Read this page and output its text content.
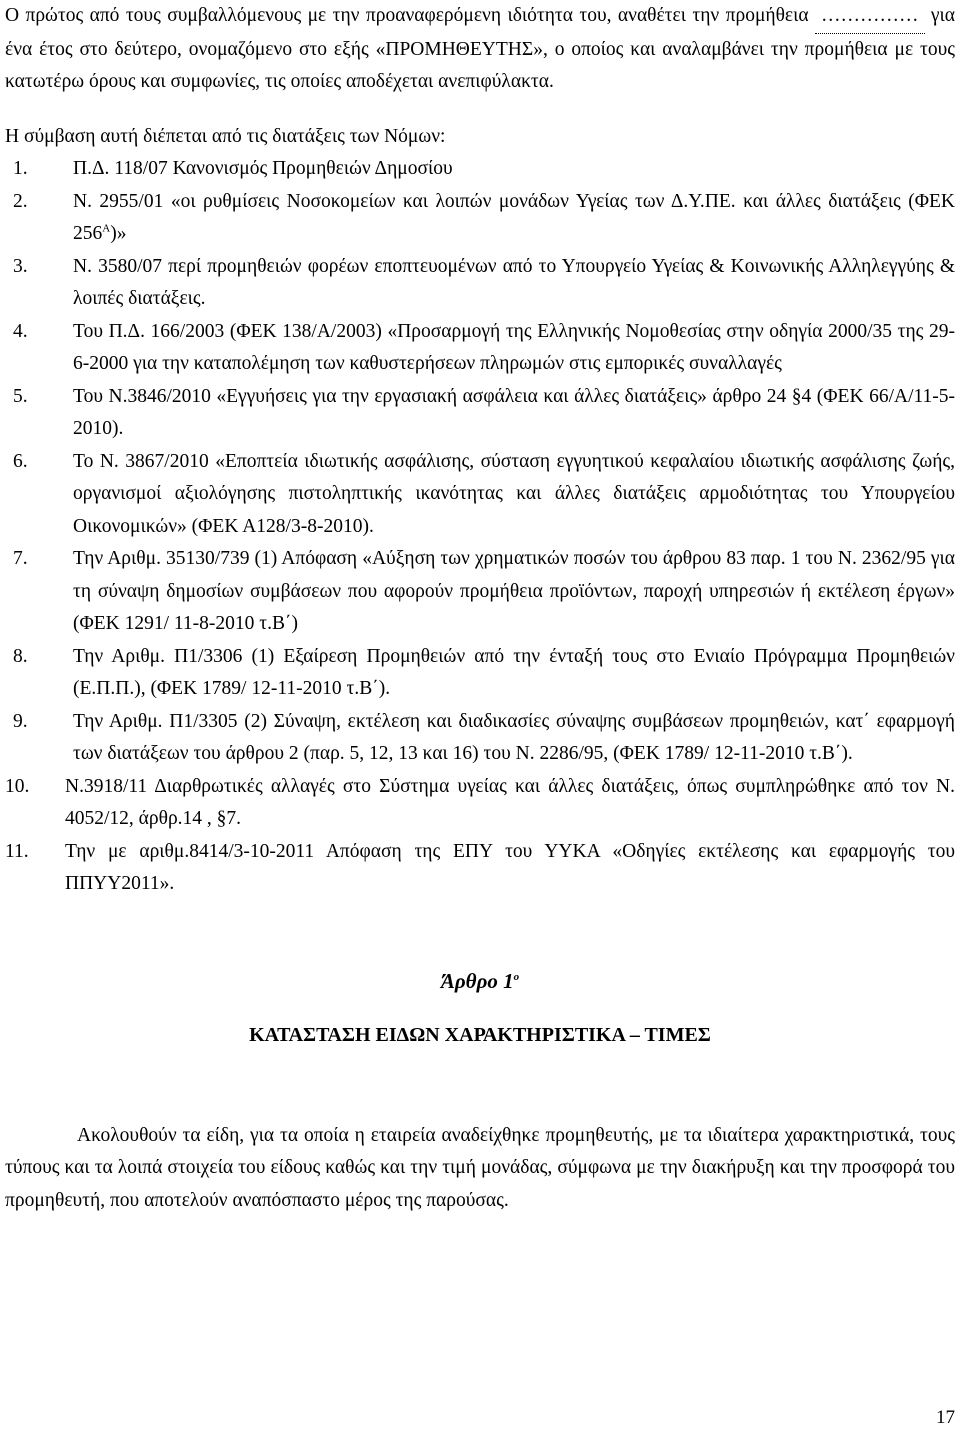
Ο πρώτος από τους συμβαλλόμενους με την προαναφερόμενη ιδιότητα του, αναθέτει την προμήθεια …………… για ένα έτος στο δεύτερο, ονομαζόμενο στο εξής «ΠΡΟΜΗΘΕΥΤΗΣ», ο οποίος και αναλαμβάνει την προμήθεια με τους κατωτέρω όρους και συμφωνίες, τις οποίες αποδέχεται ανεπιφύλακτα.

Η σύμβαση αυτή διέπεται από τις διατάξεις των Νόμων:

1.	Π.Δ. 118/07 Κανονισμός Προμηθειών Δημοσίου
2.	Ν. 2955/01 «οι ρυθμίσεις Νοσοκομείων και λοιπών μονάδων Υγείας των Δ.Υ.ΠΕ. και άλλες διατάξεις (ΦΕΚ $256^A$)»
3.	Ν. 3580/07 περί προμηθειών φορέων εποπτευομένων από το Υπουργείο Υγείας & Κοινωνικής Αλληλεγγύης & λοιπές διατάξεις.
4.	Του Π.Δ. 166/2003 (ΦΕΚ 138/Α/2003) «Προσαρμογή της Ελληνικής Νομοθεσίας στην οδηγία 2000/35 της 29-6-2000 για την καταπολέμηση των καθυστερήσεων πληρωμών στις εμπορικές συναλλαγές
5.	Του Ν.3846/2010 «Εγγυήσεις για την εργασιακή ασφάλεια και άλλες διατάξεις» άρθρο 24 §4 (ΦΕΚ 66/Α/11-5-2010).
6.	Το Ν. 3867/2010 «Εποπτεία ιδιωτικής ασφάλισης, σύσταση εγγυητικού κεφαλαίου ιδιωτικής ασφάλισης ζωής, οργανισμοί αξιολόγησης πιστοληπτικής ικανότητας και άλλες διατάξεις αρμοδιότητας του Υπουργείου Οικονομικών» (ΦΕΚ Α128/3-8-2010).
7.	Την Αριθμ. 35130/739 (1) Απόφαση «Αύξηση των χρηματικών ποσών του άρθρου 83 παρ. 1 του Ν. 2362/95 για τη σύναψη δημοσίων συμβάσεων που αφορούν προμήθεια προϊόντων, παροχή υπηρεσιών ή εκτέλεση έργων» (ΦΕΚ 1291/ 11-8-2010 τ.Β΄)
8.	Την Αριθμ. Π1/3306 (1) Εξαίρεση Προμηθειών από την ένταξή τους στο Ενιαίο Πρόγραμμα Προμηθειών (Ε.Π.Π.), (ΦΕΚ 1789/ 12-11-2010 τ.Β΄).
9.	Την Αριθμ. Π1/3305 (2) Σύναψη, εκτέλεση και διαδικασίες σύναψης συμβάσεων προμηθειών, κατ΄ εφαρμογή των διατάξεων του άρθρου 2 (παρ. 5, 12, 13 και 16) του Ν. 2286/95, (ΦΕΚ 1789/ 12-11-2010 τ.Β΄).
10.	Ν.3918/11 Διαρθρωτικές αλλαγές στο Σύστημα υγείας και άλλες διατάξεις, όπως συμπληρώθηκε από τον Ν. 4052/12, άρθρ.14 , §7.
11.	Την με αριθμ.8414/3-10-2011 Απόφαση της ΕΠΥ του ΥΥΚΑ «Οδηγίες εκτέλεσης και εφαρμογής του ΠΠΥΥ2011».
Άρθρο $1^o$
ΚΑΤΑΣΤΑΣΗ ΕΙΔΩΝ ΧΑΡΑΚΤΗΡΙΣΤΙΚΑ – ΤΙΜΕΣ

Ακολουθούν τα είδη, για τα οποία η εταιρεία αναδείχθηκε προμηθευτής, με τα ιδιαίτερα χαρακτηριστικά, τους τύπους και τα λοιπά στοιχεία του είδους καθώς και την τιμή μονάδας, σύμφωνα με την διακήρυξη και την προσφορά του προμηθευτή, που αποτελούν αναπόσπαστο μέρος της παρούσας.

17
